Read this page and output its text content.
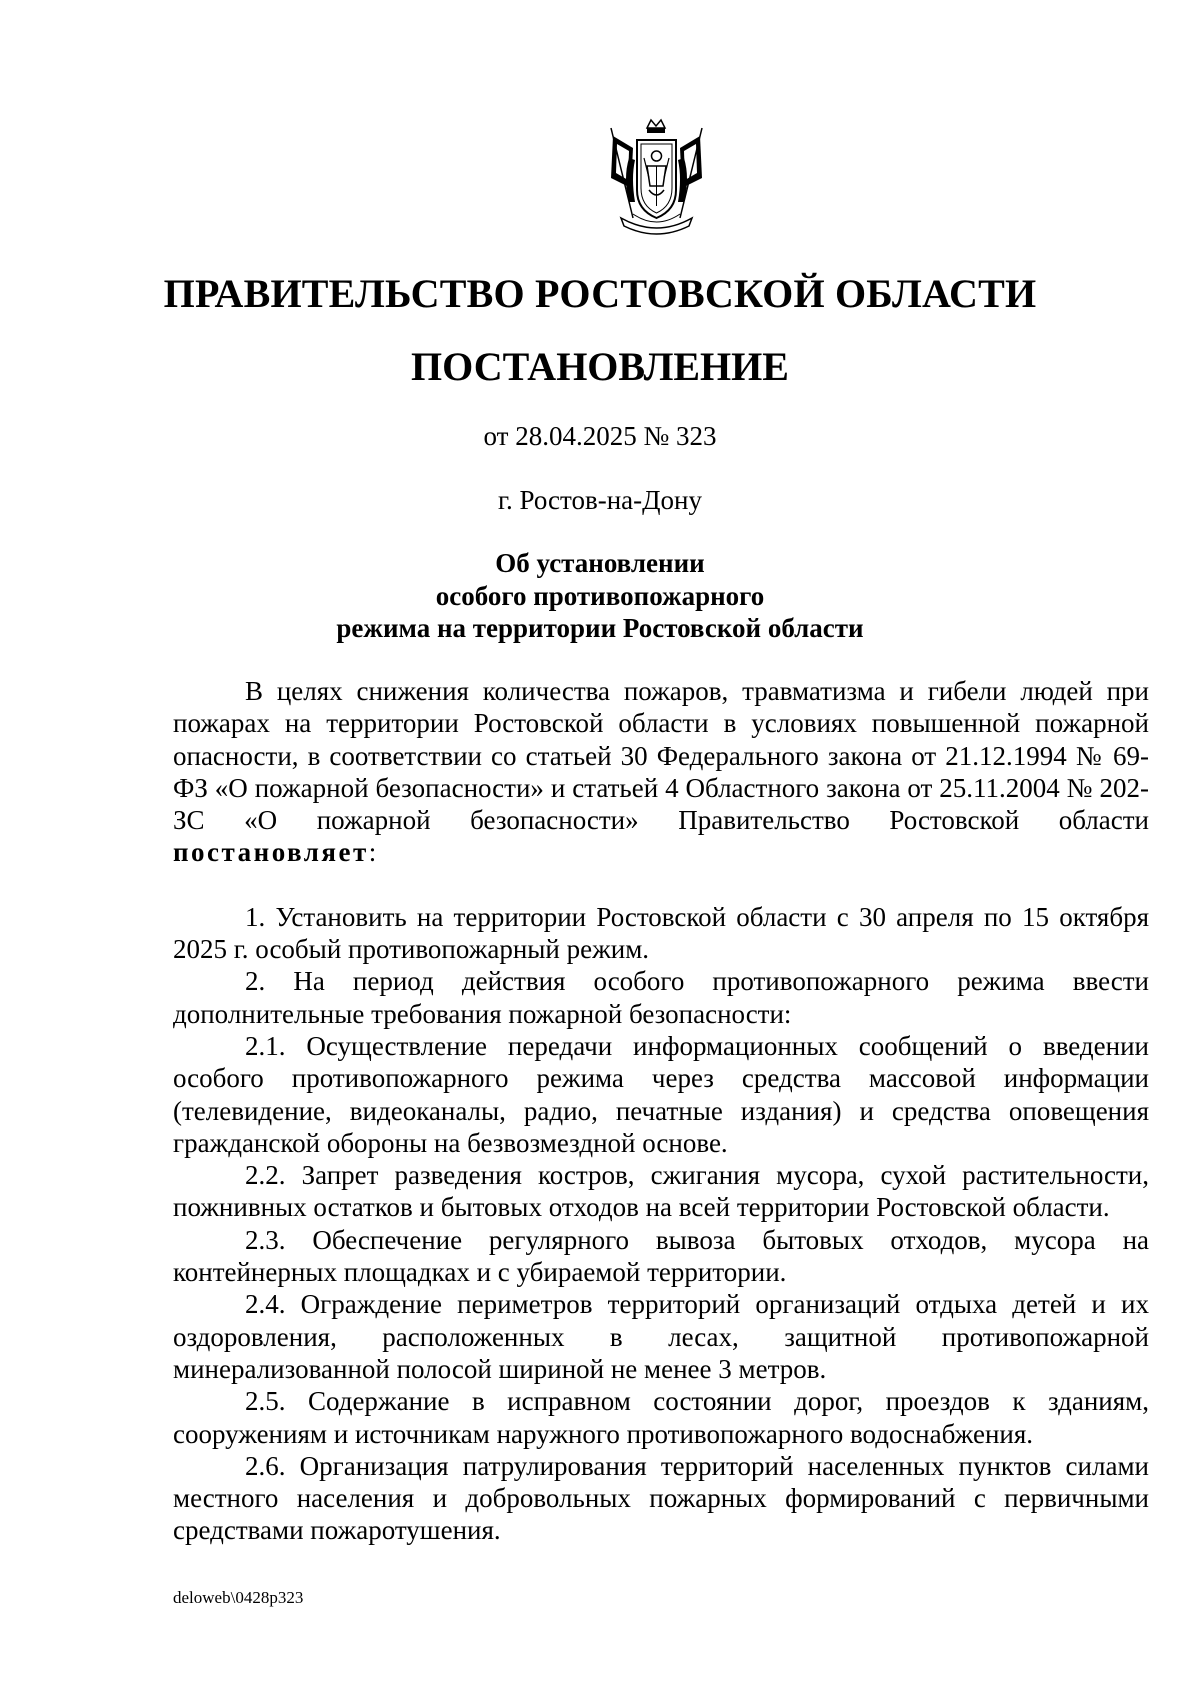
ПРАВИТЕЛЬСТВО РОСТОВСКОЙ ОБЛАСТИ
ПОСТАНОВЛЕНИЕ
от 28.04.2025 № 323
г. Ростов-на-Дону
Об установлении
особого противопожарного
режима на территории Ростовской области

В целях снижения количества пожаров, травматизма и гибели людей при пожарах на территории Ростовской области в условиях повышенной пожарной опасности, в соответствии со статьей 30 Федерального закона от 21.12.1994 № 69-ФЗ «О пожарной безопасности» и статьей 4 Областного закона от 25.11.2004 № 202-ЗС «О пожарной безопасности» Правительство Ростовской области постановляет:

1. Установить на территории Ростовской области с 30 апреля по 15 октября 2025 г. особый противопожарный режим.

2. На период действия особого противопожарного режима ввести дополнительные требования пожарной безопасности:

2.1. Осуществление передачи информационных сообщений о введении особого противопожарного режима через средства массовой информации (телевидение, видеоканалы, радио, печатные издания) и средства оповещения гражданской обороны на безвозмездной основе.

2.2. Запрет разведения костров, сжигания мусора, сухой растительности, пожнивных остатков и бытовых отходов на всей территории Ростовской области.

2.3. Обеспечение регулярного вывоза бытовых отходов, мусора на контейнерных площадках и с убираемой территории.

2.4. Ограждение периметров территорий организаций отдыха детей и их оздоровления, расположенных в лесах, защитной противопожарной минерализованной полосой шириной не менее 3 метров.

2.5. Содержание в исправном состоянии дорог, проездов к зданиям, сооружениям и источникам наружного противопожарного водоснабжения.

2.6. Организация патрулирования территорий населенных пунктов силами местного населения и добровольных пожарных формирований с первичными средствами пожаротушения.

deloweb\0428p323
